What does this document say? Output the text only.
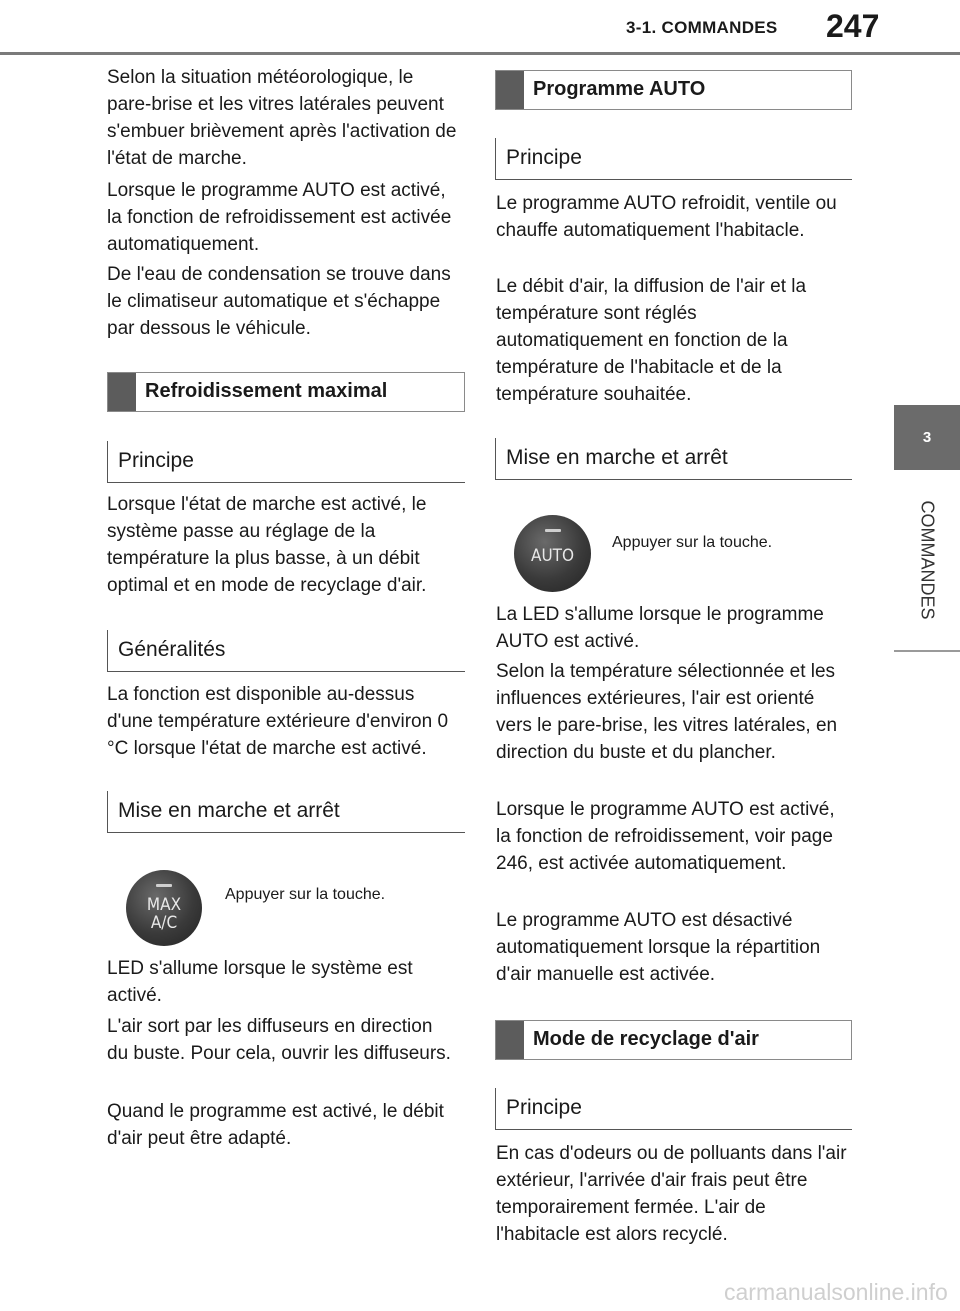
3-1. COMMANDES 247
3
COMMANDES
Selon la situation météorologique, le pare-brise et les vitres latérales peuvent s'embuer brièvement après l'activation de l'état de marche.
Lorsque le programme AUTO est activé, la fonction de refroidissement est activée automatiquement.
De l'eau de condensation se trouve dans le climatiseur automatique et s'échappe par dessous le véhicule.
Refroidissement maximal
Principe
Lorsque l'état de marche est activé, le système passe au réglage de la température la plus basse, à un débit optimal et en mode de recyclage d'air.
Généralités
La fonction est disponible au-dessus d'une température extérieure d'environ 0 °C lorsque l'état de marche est activé.
Mise en marche et arrêt
MAX
A/C
Appuyer sur la touche.
LED s'allume lorsque le système est activé.
L'air sort par les diffuseurs en direction du buste. Pour cela, ouvrir les diffuseurs.
Quand le programme est activé, le débit d'air peut être adapté.
Programme AUTO
Principe
Le programme AUTO refroidit, ventile ou chauffe automatiquement l'habitacle.
Le débit d'air, la diffusion de l'air et la température sont réglés automatiquement en fonction de la température de l'habitacle et de la température souhaitée.
Mise en marche et arrêt
AUTO
Appuyer sur la touche.
La LED s'allume lorsque le programme AUTO est activé.
Selon la température sélectionnée et les influences extérieures, l'air est orienté vers le pare-brise, les vitres latérales, en direction du buste et du plancher.
Lorsque le programme AUTO est activé, la fonction de refroidissement, voir page 246, est activée automatiquement.
Le programme AUTO est désactivé automatiquement lorsque la répartition d'air manuelle est activée.
Mode de recyclage d'air
Principe
En cas d'odeurs ou de polluants dans l'air extérieur, l'arrivée d'air frais peut être temporairement fermée. L'air de l'habitacle est alors recyclé.
carmanualsonline.info
